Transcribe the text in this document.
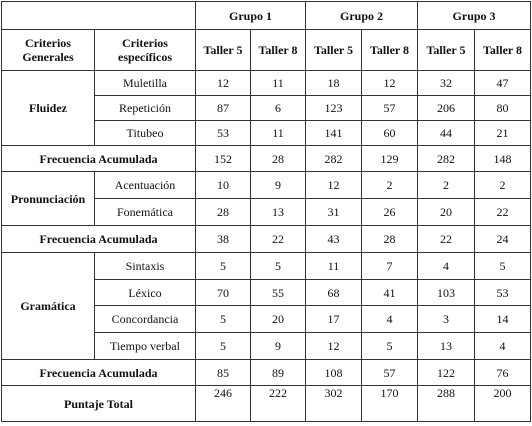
		Grupo 1		Grupo 2		Grupo 3	
Criterios Generales	Criterios específicos	Taller 5	Taller 8	Taller 5	Taller 8	Taller 5	Taller 8
Fluidez	Muletilla	12	11	18	12	32	47
	Repetición	87	6	123	57	206	80
	Titubeo	53	11	141	60	44	21
Frecuencia Acumulada		152	28	282	129	282	148
Pronunciación	Acentuación	10	9	12	2	2	2
	Fonemática	28	13	31	26	20	22
Frecuencia Acumulada		38	22	43	28	22	24
Gramática	Sintaxis	5	5	11	7	4	5
	Léxico	70	55	68	41	103	53
	Concordancia	5	20	17	4	3	14
	Tiempo verbal	5	9	12	5	13	4
Frecuencia Acumulada		85	89	108	57	122	76
Puntaje Total		246	222	302	170	288	200
